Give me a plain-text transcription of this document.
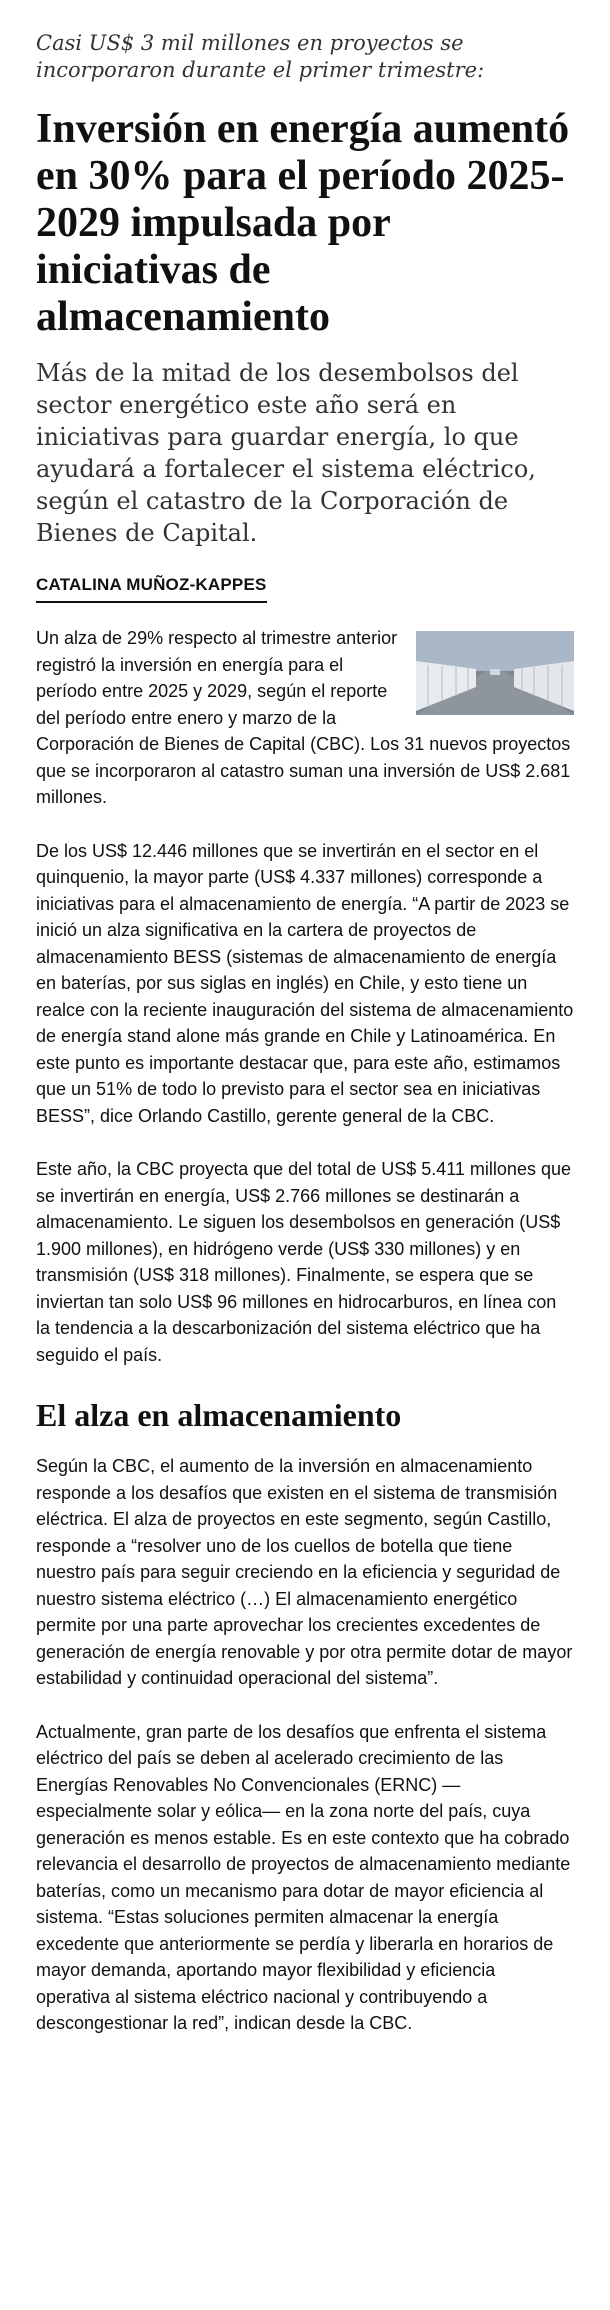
Casi US$ 3 mil millones en proyectos se incorporaron durante el primer trimestre:

Inversión en energía aumentó en 30% para el período 2025-2029 impulsada por iniciativas de almacenamiento

Más de la mitad de los desembolsos del sector energético este año será en iniciativas para guardar energía, lo que ayudará a fortalecer el sistema eléctrico, según el catastro de la Corporación de Bienes de Capital.

CATALINA MUÑOZ-KAPPES

Un alza de 29% respecto al trimestre anterior registró la inversión en energía para el período entre 2025 y 2029, según el reporte del período entre enero y marzo de la Corporación de Bienes de Capital (CBC). Los 31 nuevos proyectos que se incorporaron al catastro suman una inversión de US$ 2.681 millones.

De los US$ 12.446 millones que se invertirán en el sector en el quinquenio, la mayor parte (US$ 4.337 millones) corresponde a iniciativas para el almacenamiento de energía. “A partir de 2023 se inició un alza significativa en la cartera de proyectos de almacenamiento BESS (sistemas de almacenamiento de energía en baterías, por sus siglas en inglés) en Chile, y esto tiene un realce con la reciente inauguración del sistema de almacenamiento de energía stand alone más grande en Chile y Latinoamérica. En este punto es importante destacar que, para este año, estimamos que un 51% de todo lo previsto para el sector sea en iniciativas BESS”, dice Orlando Castillo, gerente general de la CBC.

Este año, la CBC proyecta que del total de US$ 5.411 millones que se invertirán en energía, US$ 2.766 millones se destinarán a almacenamiento. Le siguen los desembolsos en generación (US$ 1.900 millones), en hidrógeno verde (US$ 330 millones) y en transmisión (US$ 318 millones). Finalmente, se espera que se inviertan tan solo US$ 96 millones en hidrocarburos, en línea con la tendencia a la descarbonización del sistema eléctrico que ha seguido el país.

El alza en almacenamiento

Según la CBC, el aumento de la inversión en almacenamiento responde a los desafíos que existen en el sistema de transmisión eléctrica. El alza de proyectos en este segmento, según Castillo, responde a “resolver uno de los cuellos de botella que tiene nuestro país para seguir creciendo en la eficiencia y seguridad de nuestro sistema eléctrico (…) El almacenamiento energético permite por una parte aprovechar los crecientes excedentes de generación de energía renovable y por otra permite dotar de mayor estabilidad y continuidad operacional del sistema”.

Actualmente, gran parte de los desafíos que enfrenta el sistema eléctrico del país se deben al acelerado crecimiento de las Energías Renovables No Convencionales (ERNC) —especialmente solar y eólica— en la zona norte del país, cuya generación es menos estable. Es en este contexto que ha cobrado relevancia el desarrollo de proyectos de almacenamiento mediante baterías, como un mecanismo para dotar de mayor eficiencia al sistema. “Estas soluciones permiten almacenar la energía excedente que anteriormente se perdía y liberarla en horarios de mayor demanda, aportando mayor flexibilidad y eficiencia operativa al sistema eléctrico nacional y contribuyendo a descongestionar la red”, indican desde la CBC.
